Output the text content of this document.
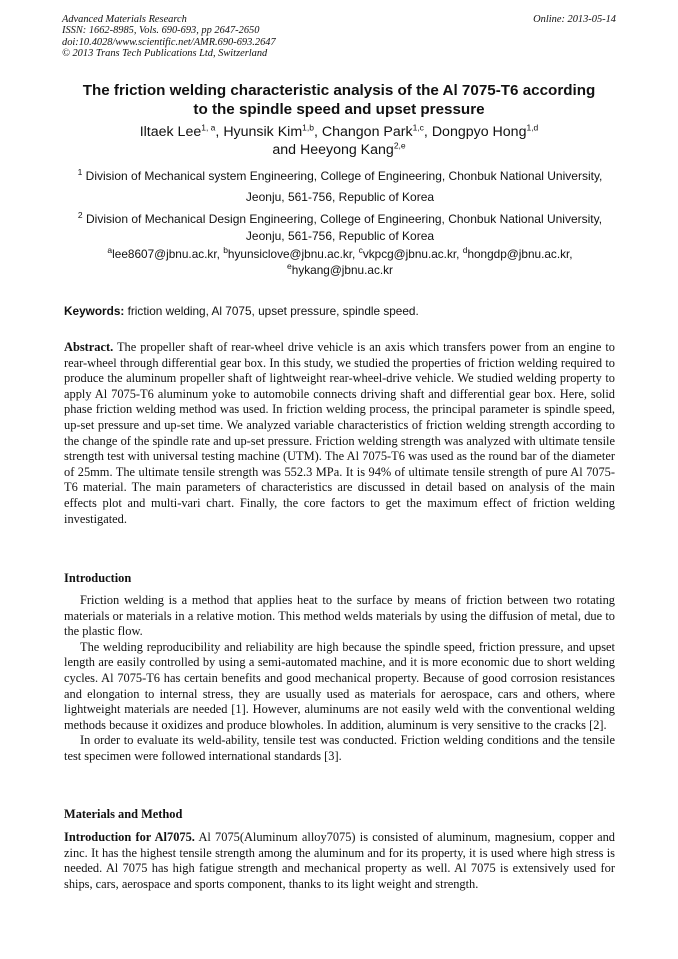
Advanced Materials Research
ISSN: 1662-8985, Vols. 690-693, pp 2647-2650
doi:10.4028/www.scientific.net/AMR.690-693.2647
© 2013 Trans Tech Publications Ltd, Switzerland
Online: 2013-05-14
The friction welding characteristic analysis of the Al 7075-T6 according
to the spindle speed and upset pressure
Iltaek Lee$^{1, a}$, Hyunsik Kim$^{1,b}$, Changon Park$^{1,c}$, Dongpyo Hong$^{1,d}$
and Heeyong Kang$^{2,e}$
$^1$ Division of Mechanical system Engineering, College of Engineering, Chonbuk National University,
Jeonju, 561-756, Republic of Korea
$^2$ Division of Mechanical Design Engineering, College of Engineering, Chonbuk National University,
Jeonju, 561-756, Republic of Korea
$^a$lee8607@jbnu.ac.kr, $^b$hyunsiclove@jbnu.ac.kr, $^c$vkpcg@jbnu.ac.kr, $^d$hongdp@jbnu.ac.kr,
$^e$hykang@jbnu.ac.kr
Keywords: friction welding, Al 7075, upset pressure, spindle speed.
Abstract. The propeller shaft of rear-wheel drive vehicle is an axis which transfers power from an engine to rear-wheel through differential gear box. In this study, we studied the properties of friction welding required to produce the aluminum propeller shaft of lightweight rear-wheel-drive vehicle. We studied welding property to apply Al 7075-T6 aluminum yoke to automobile connects driving shaft and differential gear box. Here, solid phase friction welding method was used. In friction welding process, the principal parameter is spindle speed, up-set pressure and up-set time. We analyzed variable characteristics of friction welding strength according to the change of the spindle rate and up-set pressure. Friction welding strength was analyzed with ultimate tensile strength test with universal testing machine (UTM). The Al 7075-T6 was used as the round bar of the diameter of 25mm. The ultimate tensile strength was 552.3 MPa. It is 94% of ultimate tensile strength of pure Al 7075-T6 material. The main parameters of characteristics are discussed in detail based on analysis of the main effects plot and multi-vari chart. Finally, the core factors to get the maximum effect of friction welding investigated.
Introduction

Friction welding is a method that applies heat to the surface by means of friction between two rotating materials or materials in a relative motion. This method welds materials by using the diffusion of metal, due to the plastic flow.

The welding reproducibility and reliability are high because the spindle speed, friction pressure, and upset length are easily controlled by using a semi-automated machine, and it is more economic due to short welding cycles. Al 7075-T6 has certain benefits and good mechanical property. Because of good corrosion resistances and elongation to internal stress, they are usually used as materials for aerospace, cars and others, where lightweight materials are needed [1]. However, aluminums are not easily weld with the conventional welding methods because it oxidizes and produce blowholes. In addition, aluminum is very sensitive to the cracks [2].

In order to evaluate its weld-ability, tensile test was conducted. Friction welding conditions and the tensile test specimen were followed international standards [3].

Materials and Method
Introduction for Al7075. Al 7075(Aluminum alloy7075) is consisted of aluminum, magnesium, copper and zinc. It has the highest tensile strength among the aluminum and for its property, it is used where high stress is needed. Al 7075 has high fatigue strength and mechanical property as well. Al 7075 is extensively used for ships, cars, aerospace and sports component, thanks to its light weight and strength.
